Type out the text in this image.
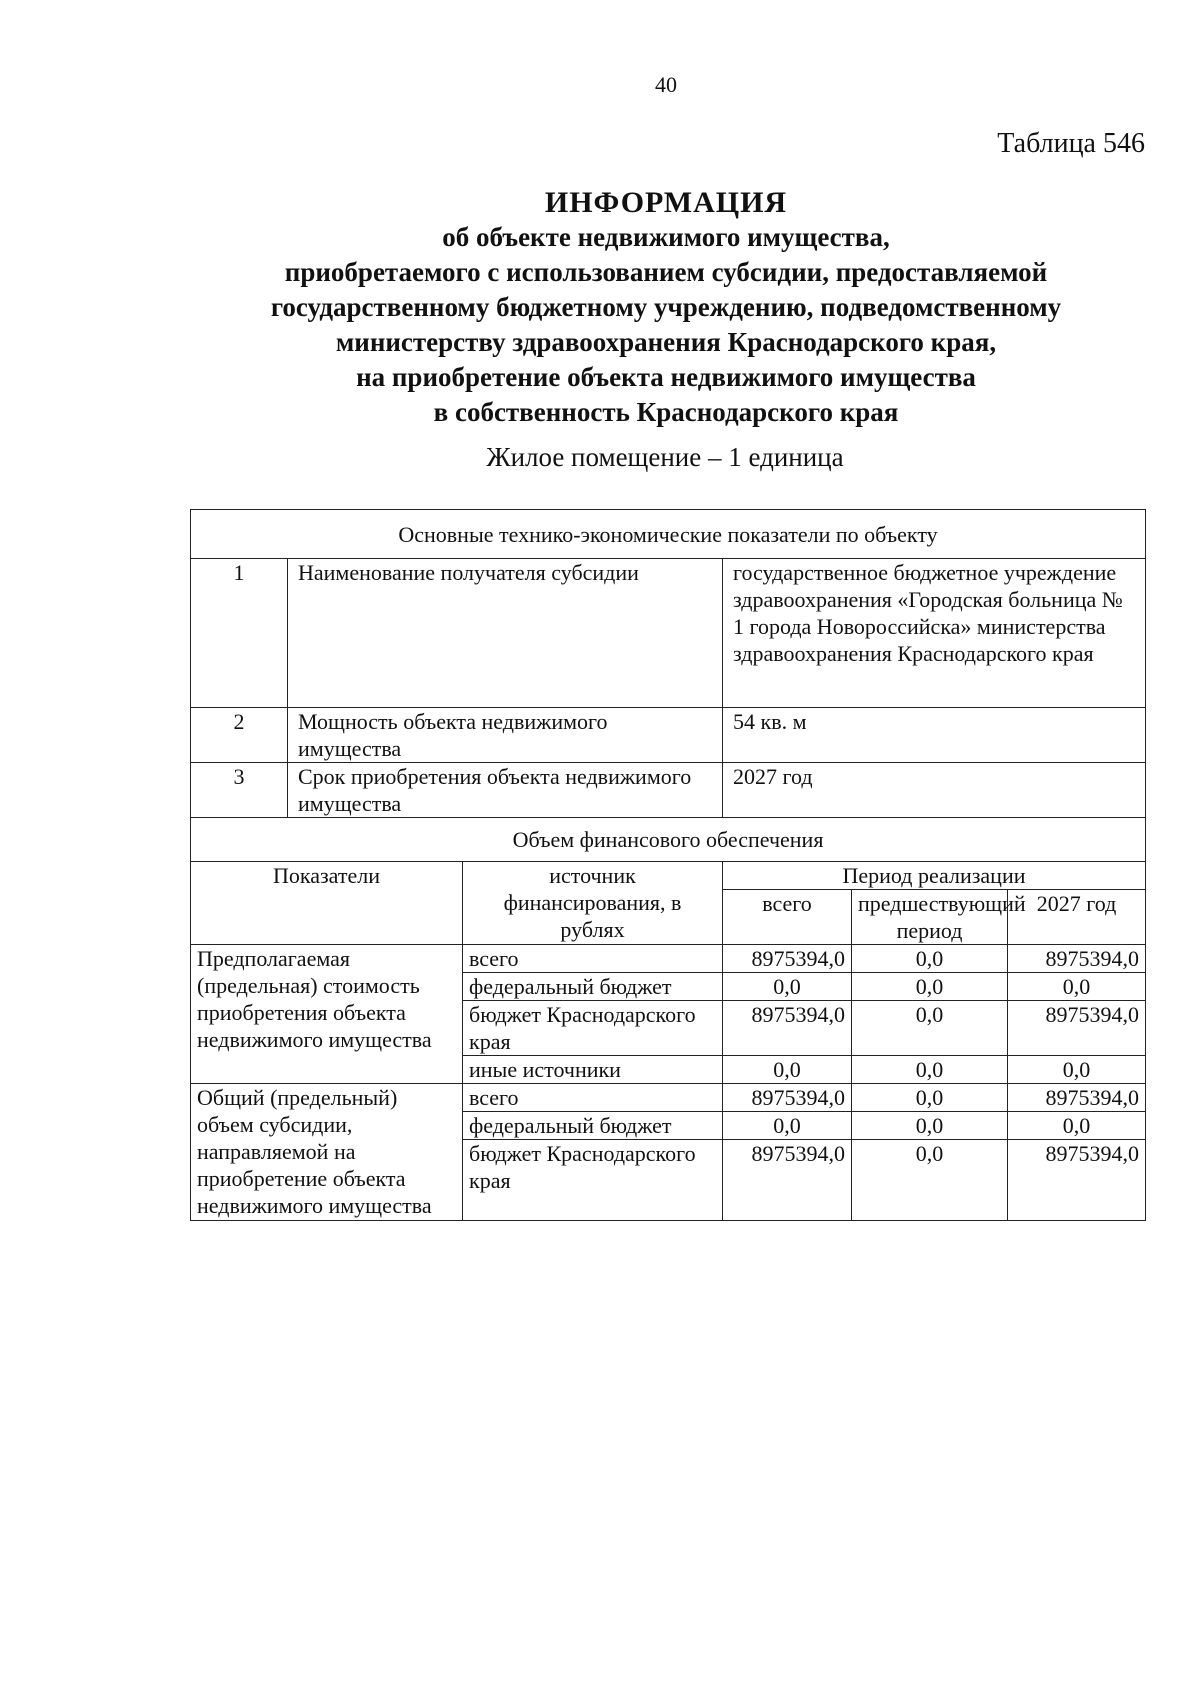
40
Таблица 546
ИНФОРМАЦИЯ
об объекте недвижимого имущества,
приобретаемого с использованием субсидии, предоставляемой
государственному бюджетному учреждению, подведомственному
министерству здравоохранения Краснодарского края,
на приобретение объекта недвижимого имущества
в собственность Краснодарского края
Жилое помещение – 1 единица
Основные технико-экономические показатели по объекту					
1	Наименование получателя субсидии		государственное бюджетное учреждение здравоохранения «Городская больница № 1 города Новороссийска» министерства здравоохранения Краснодарского края		
2	Мощность объекта недвижимого имущества		54 кв. м		
3	Срок приобретения объекта недвижимого имущества		2027 год		
Объем финансового обеспечения					
Показатели		источник финансирования, в рублях	Период реализации		
			всего	предшествующий период	2027 год
Предполагаемая (предельная) стоимость приобретения объекта недвижимого имущества		всего	8975394,0	0,0	8975394,0
		федеральный бюджет	0,0	0,0	0,0
		бюджет Краснодарского края	8975394,0	0,0	8975394,0
		иные источники	0,0	0,0	0,0
Общий (предельный) объем субсидии, направляемой на приобретение объекта недвижимого имущества		всего	8975394,0	0,0	8975394,0
		федеральный бюджет	0,0	0,0	0,0
		бюджет Краснодарского края	8975394,0	0,0	8975394,0
